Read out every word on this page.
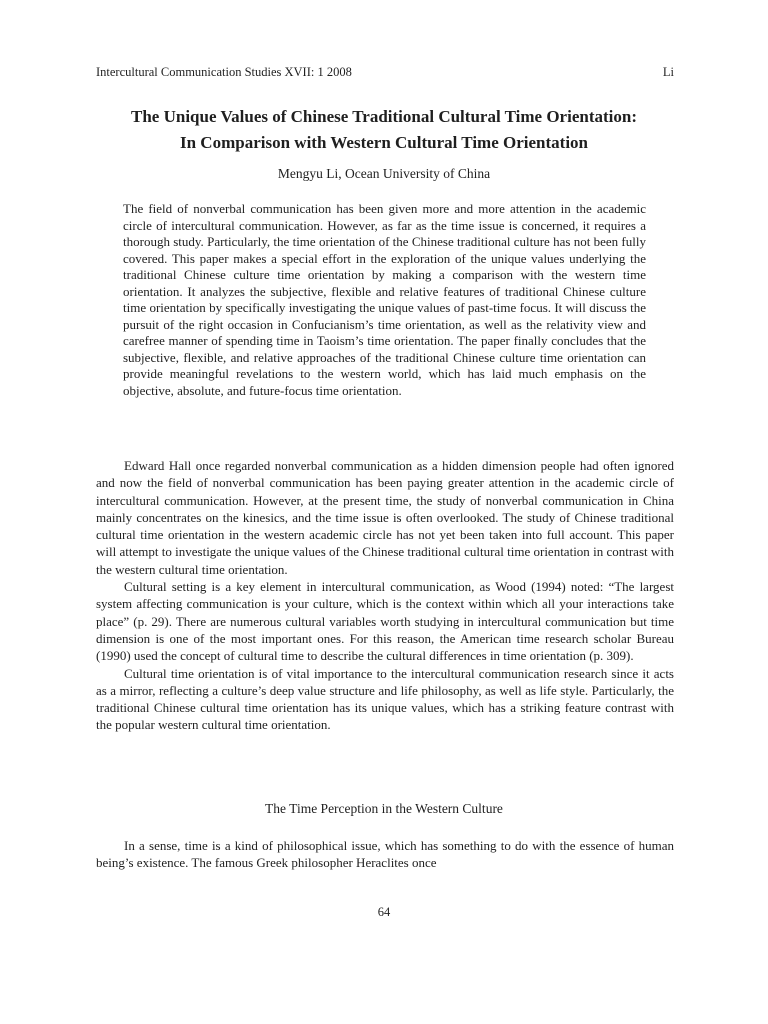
Intercultural Communication Studies XVII: 1 2008	Li
The Unique Values of Chinese Traditional Cultural Time Orientation:
In Comparison with Western Cultural Time Orientation
Mengyu Li, Ocean University of China
The field of nonverbal communication has been given more and more attention in the academic circle of intercultural communication. However, as far as the time issue is concerned, it requires a thorough study. Particularly, the time orientation of the Chinese traditional culture has not been fully covered. This paper makes a special effort in the exploration of the unique values underlying the traditional Chinese culture time orientation by making a comparison with the western time orientation. It analyzes the subjective, flexible and relative features of traditional Chinese culture time orientation by specifically investigating the unique values of past-time focus. It will discuss the pursuit of the right occasion in Confucianism’s time orientation, as well as the relativity view and carefree manner of spending time in Taoism’s time orientation. The paper finally concludes that the subjective, flexible, and relative approaches of the traditional Chinese culture time orientation can provide meaningful revelations to the western world, which has laid much emphasis on the objective, absolute, and future-focus time orientation.

Edward Hall once regarded nonverbal communication as a hidden dimension people had often ignored and now the field of nonverbal communication has been paying greater attention in the academic circle of intercultural communication. However, at the present time, the study of nonverbal communication in China mainly concentrates on the kinesics, and the time issue is often overlooked. The study of Chinese traditional cultural time orientation in the western academic circle has not yet been taken into full account. This paper will attempt to investigate the unique values of the Chinese traditional cultural time orientation in contrast with the western cultural time orientation.

Cultural setting is a key element in intercultural communication, as Wood (1994) noted: “The largest system affecting communication is your culture, which is the context within which all your interactions take place” (p. 29). There are numerous cultural variables worth studying in intercultural communication but time dimension is one of the most important ones. For this reason, the American time research scholar Bureau (1990) used the concept of cultural time to describe the cultural differences in time orientation (p. 309).

Cultural time orientation is of vital importance to the intercultural communication research since it acts as a mirror, reflecting a culture’s deep value structure and life philosophy, as well as life style. Particularly, the traditional Chinese cultural time orientation has its unique values, which has a striking feature contrast with the popular western cultural time orientation.

The Time Perception in the Western Culture

In a sense, time is a kind of philosophical issue, which has something to do with the essence of human being’s existence. The famous Greek philosopher Heraclites once

64
